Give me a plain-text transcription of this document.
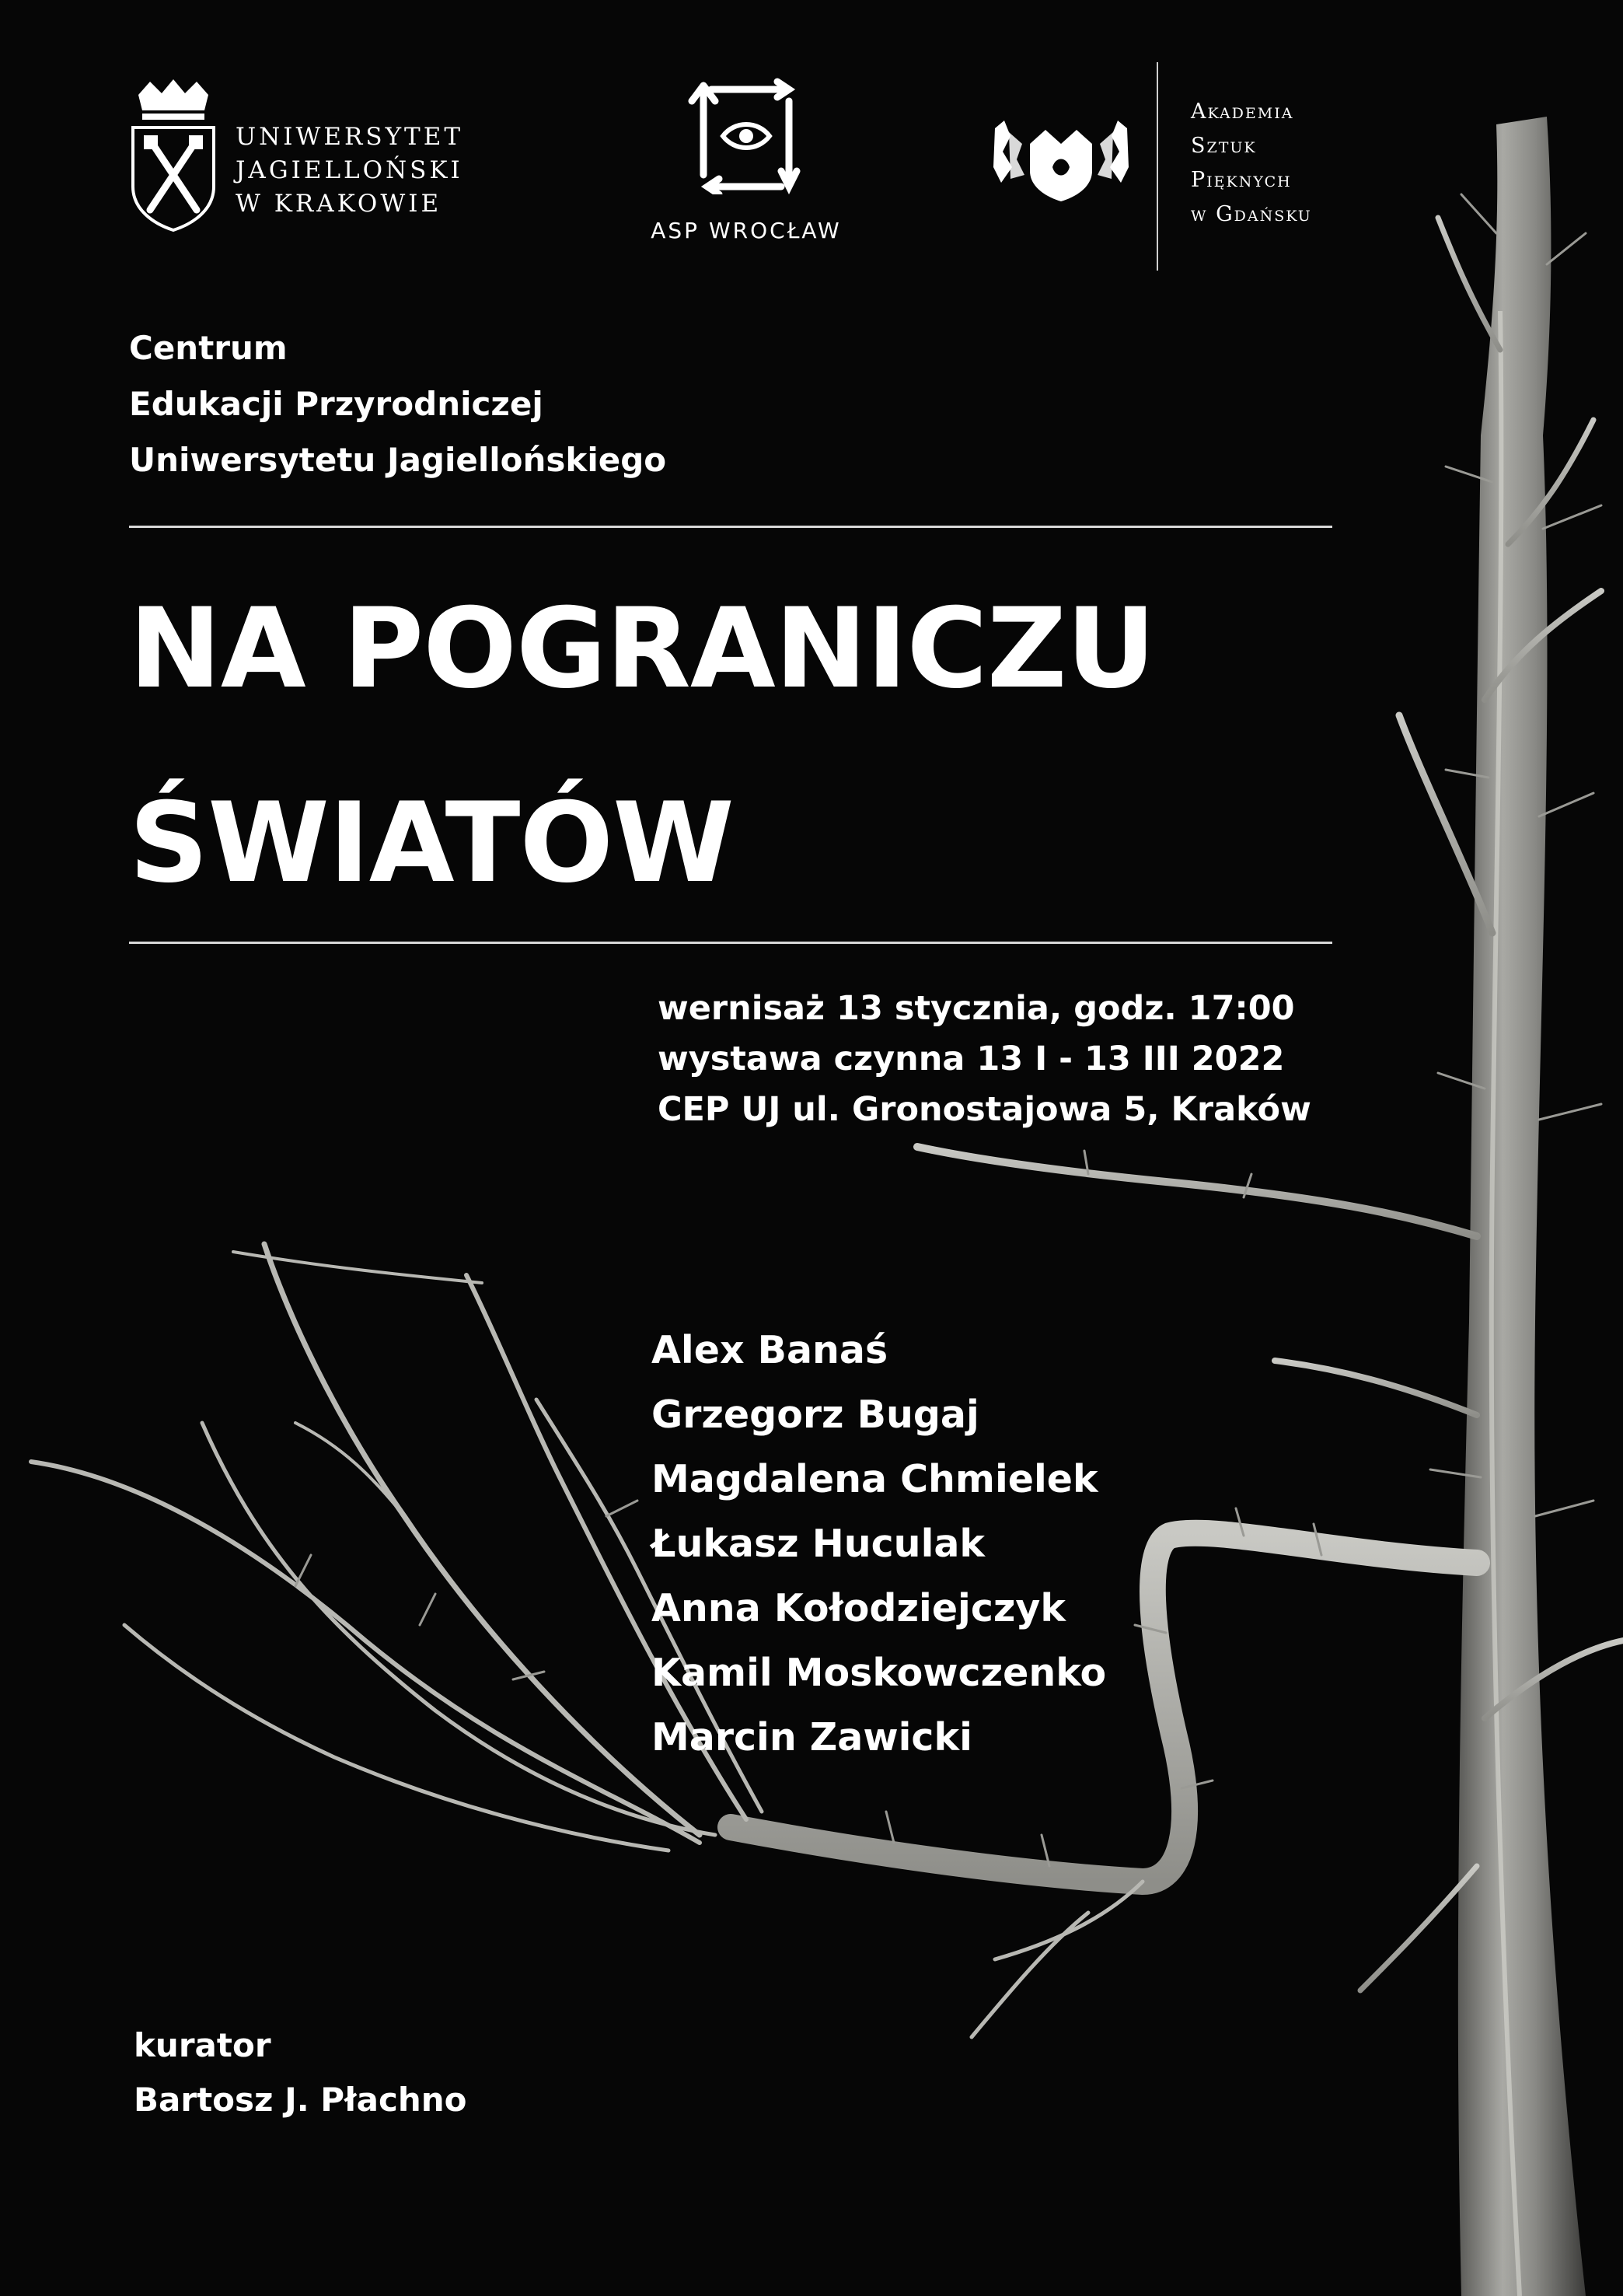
UNIWERSYTET
JAGIELLOŃSKI
W KRAKOWIE
ASP WROCŁAW
Akademia
Sztuk
Pięknych
w Gdańsku
Centrum
Edukacji Przyrodniczej
Uniwersytetu Jagiellońskiego
NA POGRANICZU
ŚWIATÓW
wernisaż 13 stycznia, godz. 17:00
wystawa czynna 13 I - 13 III 2022
CEP UJ ul. Gronostajowa 5, Kraków
Alex Banaś
Grzegorz Bugaj
Magdalena Chmielek
Łukasz Huculak
Anna Kołodziejczyk
Kamil Moskowczenko
Marcin Zawicki
kurator
Bartosz J. Płachno
